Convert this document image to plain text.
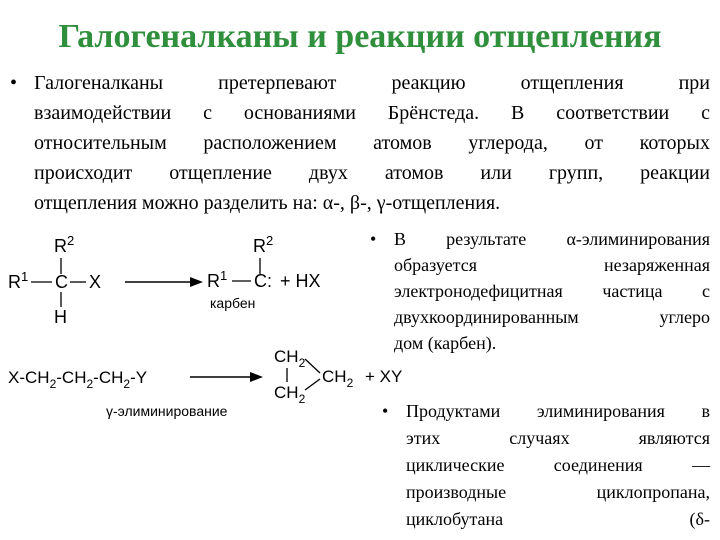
Галогеналканы и реакции отщепления
• Галогеналканы претерпевают реакцию отщепления при
взаимодействии с основаниями Брёнстеда. В соответствии с
относительным расположением атомов углерода, от которых
происходит отщепление двух атомов или групп, реакции
отщепления можно разделить на: α-, β-, γ-отщепления.
• В результате α-элиминирования
образуется незаряженная
электронодефицитная частица с
двухкоординированным углеро
дом (карбен).
• Продуктами элиминирования в
этих случаях являются
циклические соединения —
производные циклопропана,
циклобутана (δ-
$R^2$
$R^1$ C X
H
$R^2$
$R^1$ C: + HX
карбен
$X-CH_2-CH_2-CH_2-Y$
γ-элиминирование
$CH_2$
$CH_2$
$CH_2$ + XY
